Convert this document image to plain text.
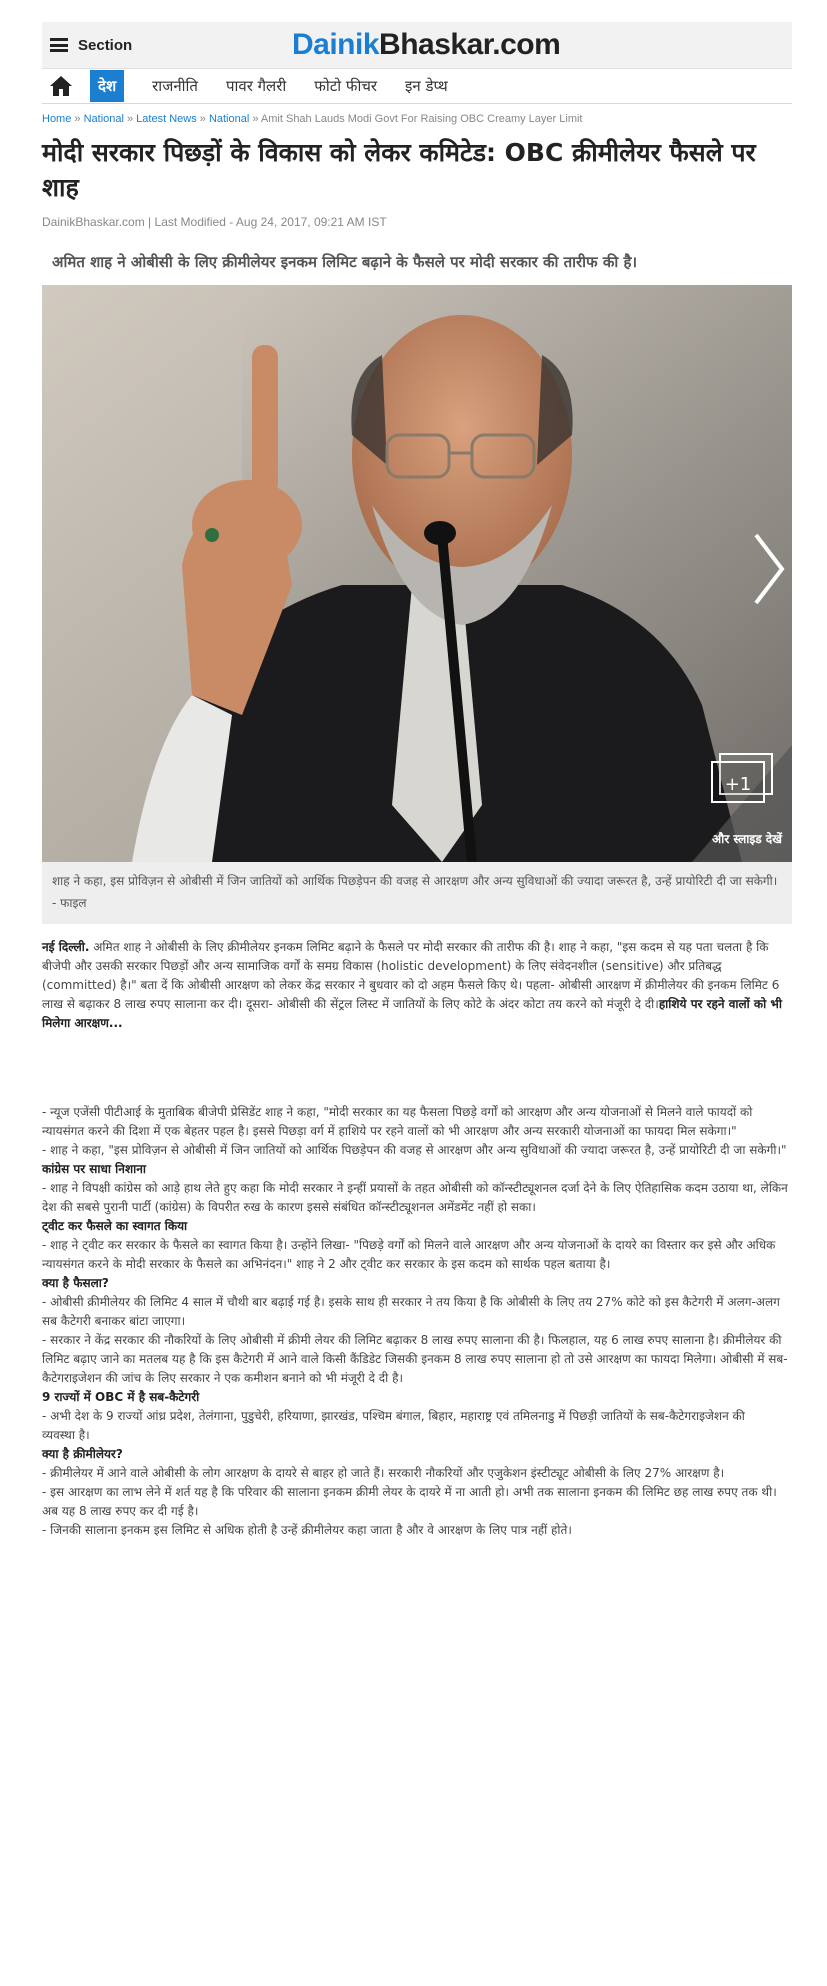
Section	DainikBhaskar.com
देश	राजनीति पावर गैलरी फोटो फीचर इन डेप्थ
Home » National » Latest News » National » Amit Shah Lauds Modi Govt For Raising OBC Creamy Layer Limit
मोदी सरकार पिछड़ों के विकास को लेकर कमिटेड: OBC क्रीमीलेयर फैसले पर शाह
DainikBhaskar.com | Last Modified - Aug 24, 2017, 09:21 AM IST
अमित शाह ने ओबीसी के लिए क्रीमीलेयर इनकम लिमिट बढ़ाने के फैसले पर मोदी सरकार की तारीफ की है।
+1
और स्लाइड देखें
शाह ने कहा, इस प्रोविज़न से ओबीसी में जिन जातियों को आर्थिक पिछड़ेपन की वजह से आरक्षण और अन्य सुविधाओं की ज्यादा जरूरत है, उन्हें प्रायोरिटी दी जा सकेगी। - फाइल

नई दिल्ली. अमित शाह ने ओबीसी के लिए क्रीमीलेयर इनकम लिमिट बढ़ाने के फैसले पर मोदी सरकार की तारीफ की है। शाह ने कहा, "इस कदम से यह पता चलता है कि बीजेपी और उसकी सरकार पिछड़ों और अन्य सामाजिक वर्गों के समग्र विकास (holistic development) के लिए संवेदनशील (sensitive) और प्रतिबद्ध (committed) है।" बता दें कि ओबीसी आरक्षण को लेकर केंद्र सरकार ने बुधवार को दो अहम फैसले किए थे। पहला- ओबीसी आरक्षण में क्रीमीलेयर की इनकम लिमिट 6 लाख से बढ़ाकर 8 लाख रुपए सालाना कर दी। दूसरा- ओबीसी की सेंट्रल लिस्ट में जातियों के लिए कोटे के अंदर कोटा तय करने को मंजूरी दे दी।हाशिये पर रहने वालों को भी मिलेगा आरक्षण...

- न्यूज एजेंसी पीटीआई के मुताबिक बीजेपी प्रेसिडेंट शाह ने कहा, "मोदी सरकार का यह फैसला पिछड़े वर्गों को आरक्षण और अन्य योजनाओं से मिलने वाले फायदों को न्यायसंगत करने की दिशा में एक बेहतर पहल है। इससे पिछड़ा वर्ग में हाशिये पर रहने वालों को भी आरक्षण और अन्य सरकारी योजनाओं का फायदा मिल सकेगा।"

- शाह ने कहा, "इस प्रोविज़न से ओबीसी में जिन जातियों को आर्थिक पिछड़ेपन की वजह से आरक्षण और अन्य सुविधाओं की ज्यादा जरूरत है, उन्हें प्रायोरिटी दी जा सकेगी।"

कांग्रेस पर साधा निशाना

- शाह ने विपक्षी कांग्रेस को आड़े हाथ लेते हुए कहा कि मोदी सरकार ने इन्हीं प्रयासों के तहत ओबीसी को कॉन्स्टीट्यूशनल दर्जा देने के लिए ऐतिहासिक कदम उठाया था, लेकिन देश की सबसे पुरानी पार्टी (कांग्रेस) के विपरीत रुख के कारण इससे संबंधित कॉन्स्टीट्यूशनल अमेंडमेंट नहीं हो सका।

ट्वीट कर फैसले का स्वागत किया

- शाह ने ट्वीट कर सरकार के फैसले का स्वागत किया है। उन्होंने लिखा- "पिछड़े वर्गों को मिलने वाले आरक्षण और अन्य योजनाओं के दायरे का विस्तार कर इसे और अधिक न्यायसंगत करने के मोदी सरकार के फैसले का अभिनंदन।" शाह ने 2 और ट्वीट कर सरकार के इस कदम को सार्थक पहल बताया है।

क्या है फैसला?

- ओबीसी क्रीमीलेयर की लिमिट 4 साल में चौथी बार बढ़ाई गई है। इसके साथ ही सरकार ने तय किया है कि ओबीसी के लिए तय 27% कोटे को इस कैटेगरी में अलग-अलग सब कैटेगरी बनाकर बांटा जाएगा।

- सरकार ने केंद्र सरकार की नौकरियों के लिए ओबीसी में क्रीमी लेयर की लिमिट बढ़ाकर 8 लाख रुपए सालाना की है। फिलहाल, यह 6 लाख रुपए सालाना है। क्रीमीलेयर की लिमिट बढ़ाए जाने का मतलब यह है कि इस कैटेगरी में आने वाले किसी कैंडिडेट जिसकी इनकम 8 लाख रुपए सालाना हो तो उसे आरक्षण का फायदा मिलेगा। ओबीसी में सब-कैटेगराइजेशन की जांच के लिए सरकार ने एक कमीशन बनाने को भी मंजूरी दे दी है।

9 राज्यों में OBC में है सब-कैटेगरी

- अभी देश के 9 राज्यों आंध्र प्रदेश, तेलंगाना, पुडुचेरी, हरियाणा, झारखंड, पश्चिम बंगाल, बिहार, महाराष्ट्र एवं तमिलनाडु में पिछड़ी जातियों के सब-कैटेगराइजेशन की

व्यवस्था है।

क्या है क्रीमीलेयर?

- क्रीमीलेयर में आने वाले ओबीसी के लोग आरक्षण के दायरे से बाहर हो जाते हैं। सरकारी नौकरियों और एजुकेशन इंस्टीट्यूट ओबीसी के लिए 27% आरक्षण है।

- इस आरक्षण का लाभ लेने में शर्त यह है कि परिवार की सालाना इनकम क्रीमी लेयर के दायरे में ना आती हो। अभी तक सालाना इनकम की लिमिट छह लाख रुपए तक थी।

अब यह 8 लाख रुपए कर दी गई है।

- जिनकी सालाना इनकम इस लिमिट से अधिक होती है उन्हें क्रीमीलेयर कहा जाता है और वे आरक्षण के लिए पात्र नहीं होते।
